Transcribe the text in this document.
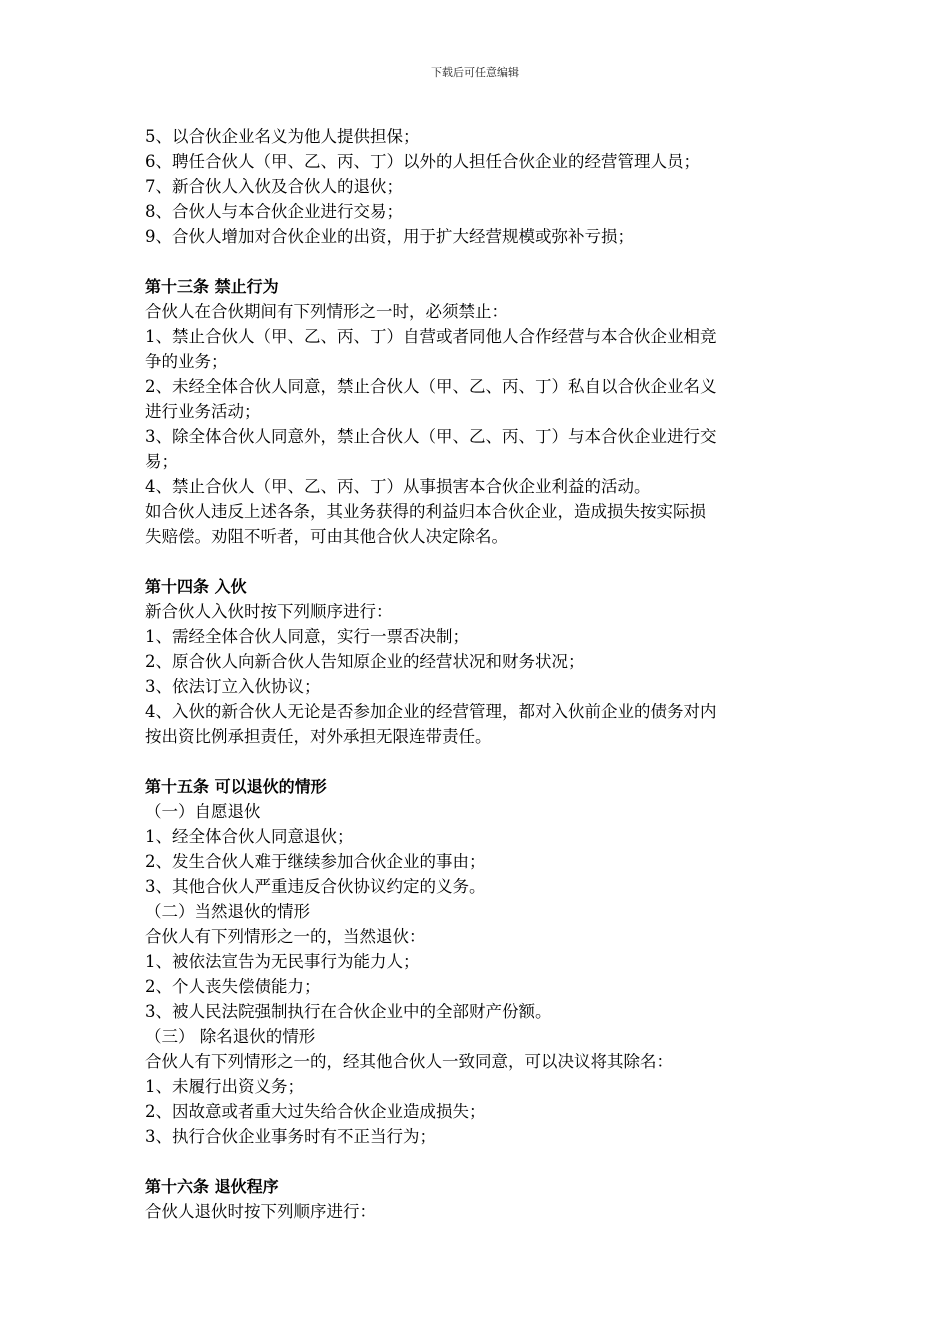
下载后可任意编辑
5、以合伙企业名义为他人提供担保；
6、聘任合伙人（甲、乙、丙、丁）以外的人担任合伙企业的经营管理人员；
7、新合伙人入伙及合伙人的退伙；
8、合伙人与本合伙企业进行交易；
9、合伙人增加对合伙企业的出资，用于扩大经营规模或弥补亏损；
第十三条 禁止行为
合伙人在合伙期间有下列情形之一时，必须禁止：
1、禁止合伙人（甲、乙、丙、丁）自营或者同他人合作经营与本合伙企业相竞
争的业务；
2、未经全体合伙人同意，禁止合伙人（甲、乙、丙、丁）私自以合伙企业名义
进行业务活动；
3、除全体合伙人同意外，禁止合伙人（甲、乙、丙、丁）与本合伙企业进行交
易；
4、禁止合伙人（甲、乙、丙、丁）从事损害本合伙企业利益的活动。
如合伙人违反上述各条，其业务获得的利益归本合伙企业，造成损失按实际损
失赔偿。劝阻不听者，可由其他合伙人决定除名。
第十四条 入伙
新合伙人入伙时按下列顺序进行：
1、需经全体合伙人同意，实行一票否决制；
2、原合伙人向新合伙人告知原企业的经营状况和财务状况；
3、依法订立入伙协议；
4、入伙的新合伙人无论是否参加企业的经营管理，都对入伙前企业的债务对内
按出资比例承担责任，对外承担无限连带责任。
第十五条 可以退伙的情形
（一）自愿退伙
1、经全体合伙人同意退伙；
2、发生合伙人难于继续参加合伙企业的事由；
3、其他合伙人严重违反合伙协议约定的义务。
（二）当然退伙的情形
合伙人有下列情形之一的，当然退伙：
1、被依法宣告为无民事行为能力人；
2、个人丧失偿债能力；
3、被人民法院强制执行在合伙企业中的全部财产份额。
（三） 除名退伙的情形
合伙人有下列情形之一的，经其他合伙人一致同意，可以决议将其除名：
1、未履行出资义务；
2、因故意或者重大过失给合伙企业造成损失；
3、执行合伙企业事务时有不正当行为；
第十六条 退伙程序
合伙人退伙时按下列顺序进行：
